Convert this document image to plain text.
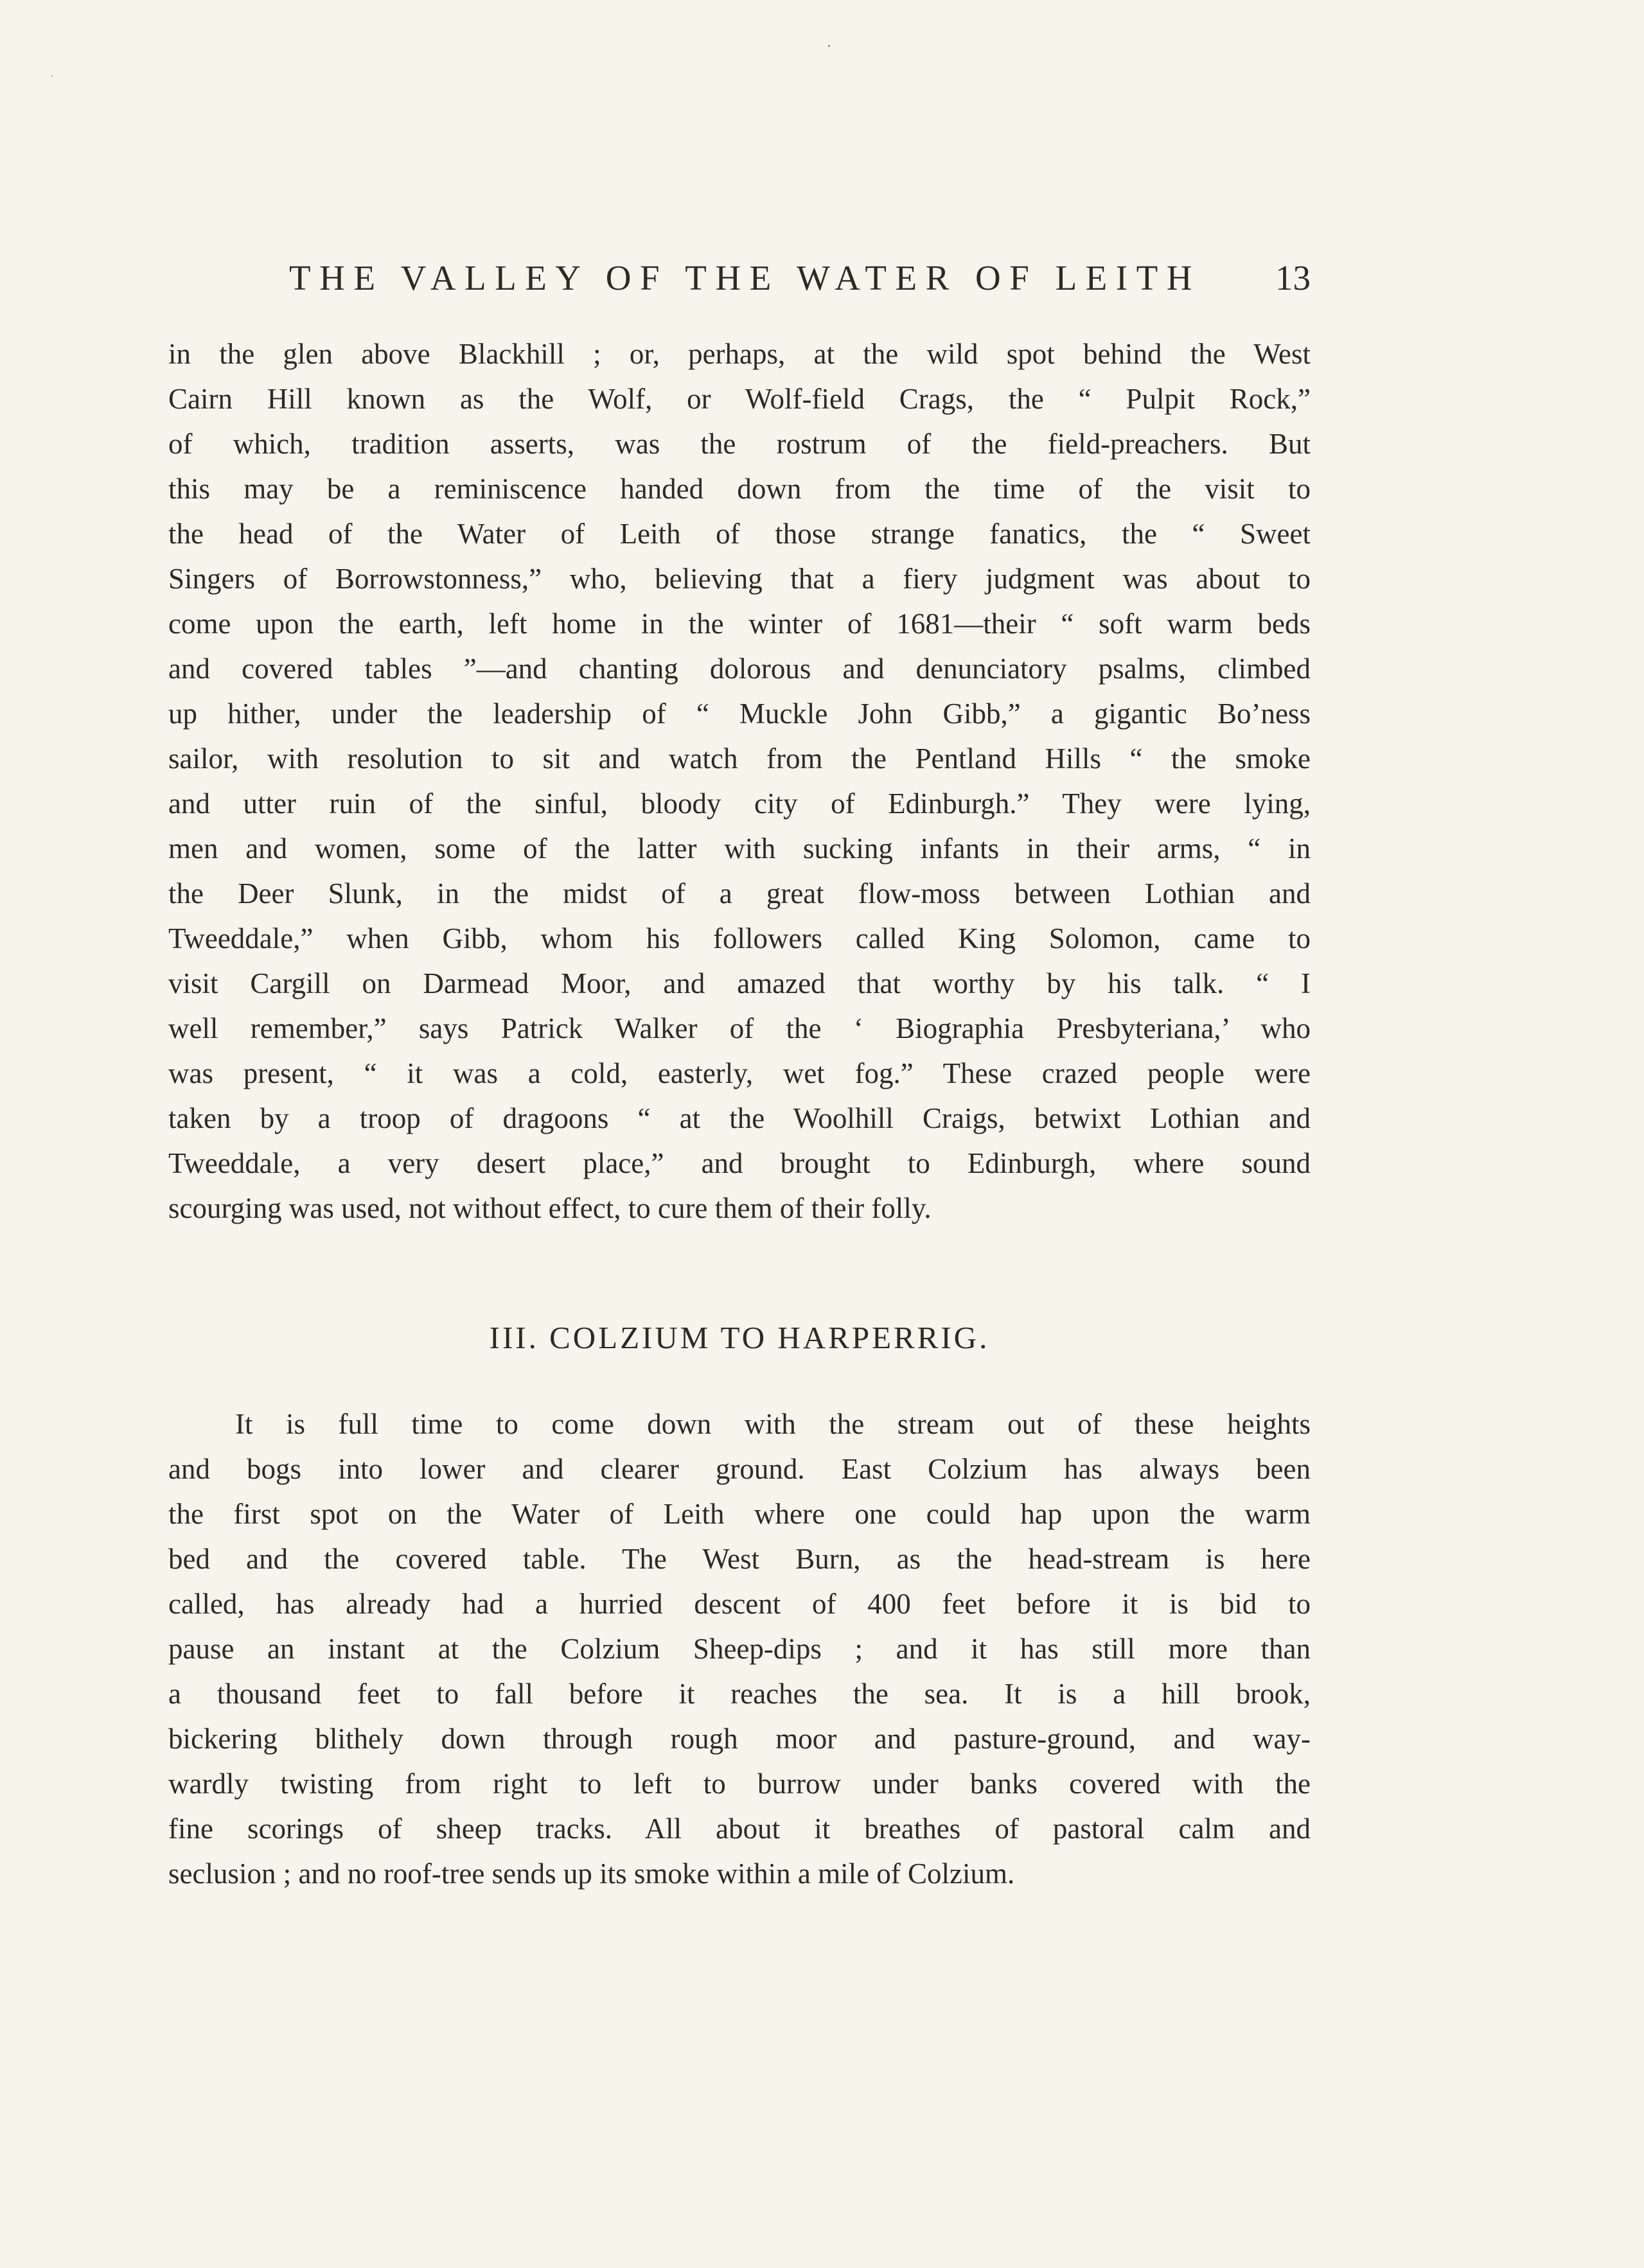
THE VALLEY OF THE WATER OF LEITH 13
in the glen above Blackhill ; or, perhaps, at the wild spot behind the West
Cairn Hill known as the Wolf, or Wolf-field Crags, the “ Pulpit Rock,”
of which, tradition asserts, was the rostrum of the field-preachers. But
this may be a reminiscence handed down from the time of the visit to
the head of the Water of Leith of those strange fanatics, the “ Sweet
Singers of Borrowstonness,” who, believing that a fiery judgment was about to
come upon the earth, left home in the winter of 1681—their “ soft warm beds
and covered tables ”—and chanting dolorous and denunciatory psalms, climbed
up hither, under the leadership of “ Muckle John Gibb,” a gigantic Bo’ness
sailor, with resolution to sit and watch from the Pentland Hills “ the smoke
and utter ruin of the sinful, bloody city of Edinburgh.” They were lying,
men and women, some of the latter with sucking infants in their arms, “ in
the Deer Slunk, in the midst of a great flow-moss between Lothian and
Tweeddale,” when Gibb, whom his followers called King Solomon, came to
visit Cargill on Darmead Moor, and amazed that worthy by his talk. “ I
well remember,” says Patrick Walker of the ‘ Biographia Presbyteriana,’ who
was present, “ it was a cold, easterly, wet fog.” These crazed people were
taken by a troop of dragoons “ at the Woolhill Craigs, betwixt Lothian and
Tweeddale, a very desert place,” and brought to Edinburgh, where sound
scourging was used, not without effect, to cure them of their folly.
III. COLZIUM TO HARPERRIG.
It is full time to come down with the stream out of these heights
and bogs into lower and clearer ground. East Colzium has always been
the first spot on the Water of Leith where one could hap upon the warm
bed and the covered table. The West Burn, as the head-stream is here
called, has already had a hurried descent of 400 feet before it is bid to
pause an instant at the Colzium Sheep-dips ; and it has still more than
a thousand feet to fall before it reaches the sea. It is a hill brook,
bickering blithely down through rough moor and pasture-ground, and way-
wardly twisting from right to left to burrow under banks covered with the
fine scorings of sheep tracks. All about it breathes of pastoral calm and
seclusion ; and no roof-tree sends up its smoke within a mile of Colzium.
